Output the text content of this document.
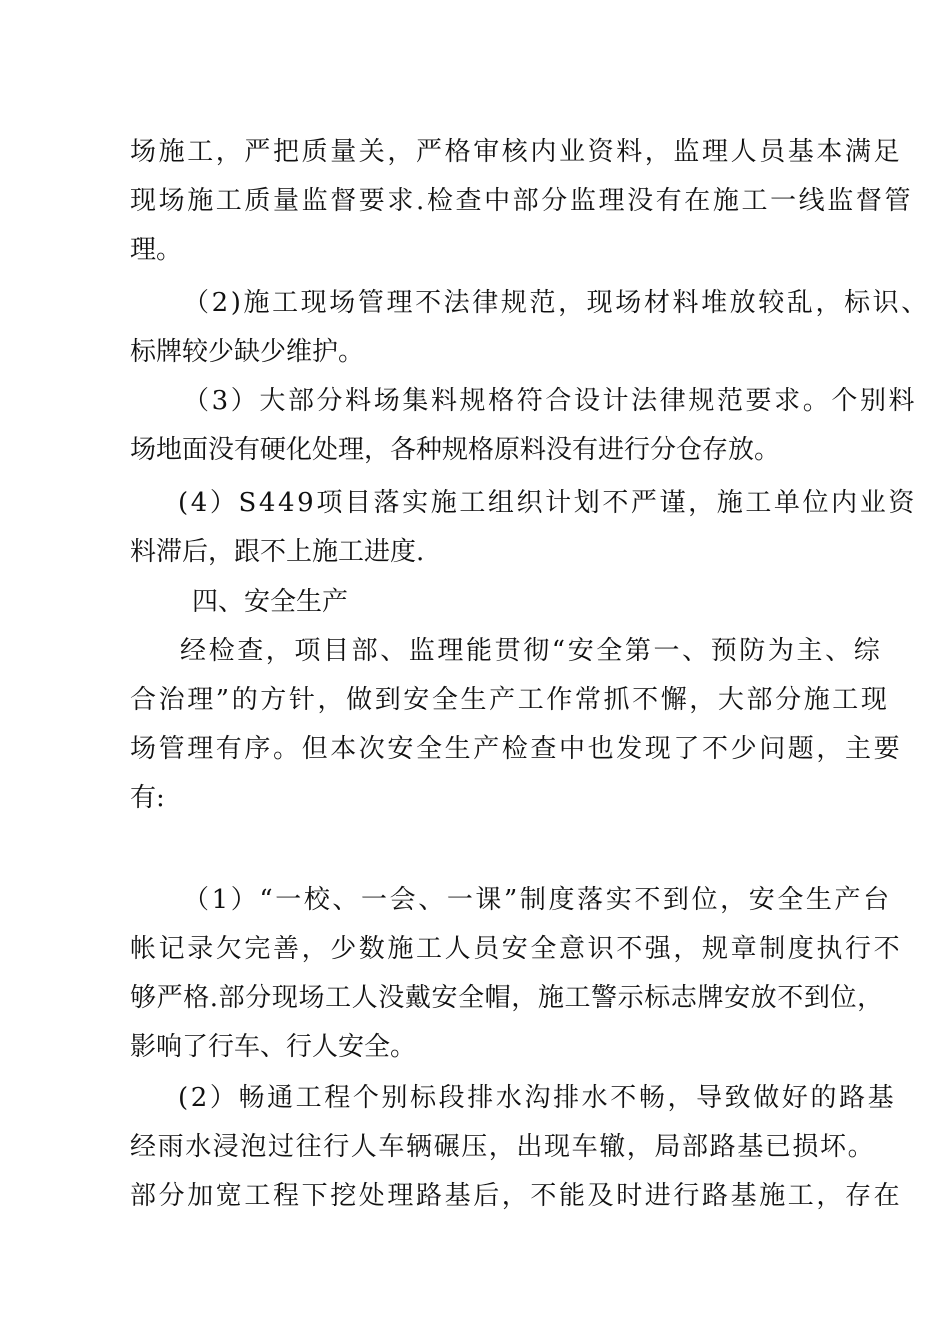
场施工，严把质量关，严格审核内业资料，监理人员基本满足
现场施工质量监督要求.检查中部分监理没有在施工一线监督管
理。
（2)施工现场管理不法律规范，现场材料堆放较乱，标识、
标牌较少缺少维护。
（3）大部分料场集料规格符合设计法律规范要求。个别料
场地面没有硬化处理，各种规格原料没有进行分仓存放。
(4）S449项目落实施工组织计划不严谨，施工单位内业资
料滞后，跟不上施工进度.
四、安全生产
经检查，项目部、监理能贯彻“安全第一、预防为主、综
合治理”的方针，做到安全生产工作常抓不懈，大部分施工现
场管理有序。但本次安全生产检查中也发现了不少问题，主要
有:
（1）“一校、一会、一课”制度落实不到位，安全生产台
帐记录欠完善，少数施工人员安全意识不强，规章制度执行不
够严格.部分现场工人没戴安全帽，施工警示标志牌安放不到位，
影响了行车、行人安全。
(2）畅通工程个别标段排水沟排水不畅，导致做好的路基
经雨水浸泡过往行人车辆碾压，出现车辙，局部路基已损坏。
部分加宽工程下挖处理路基后，不能及时进行路基施工，存在
